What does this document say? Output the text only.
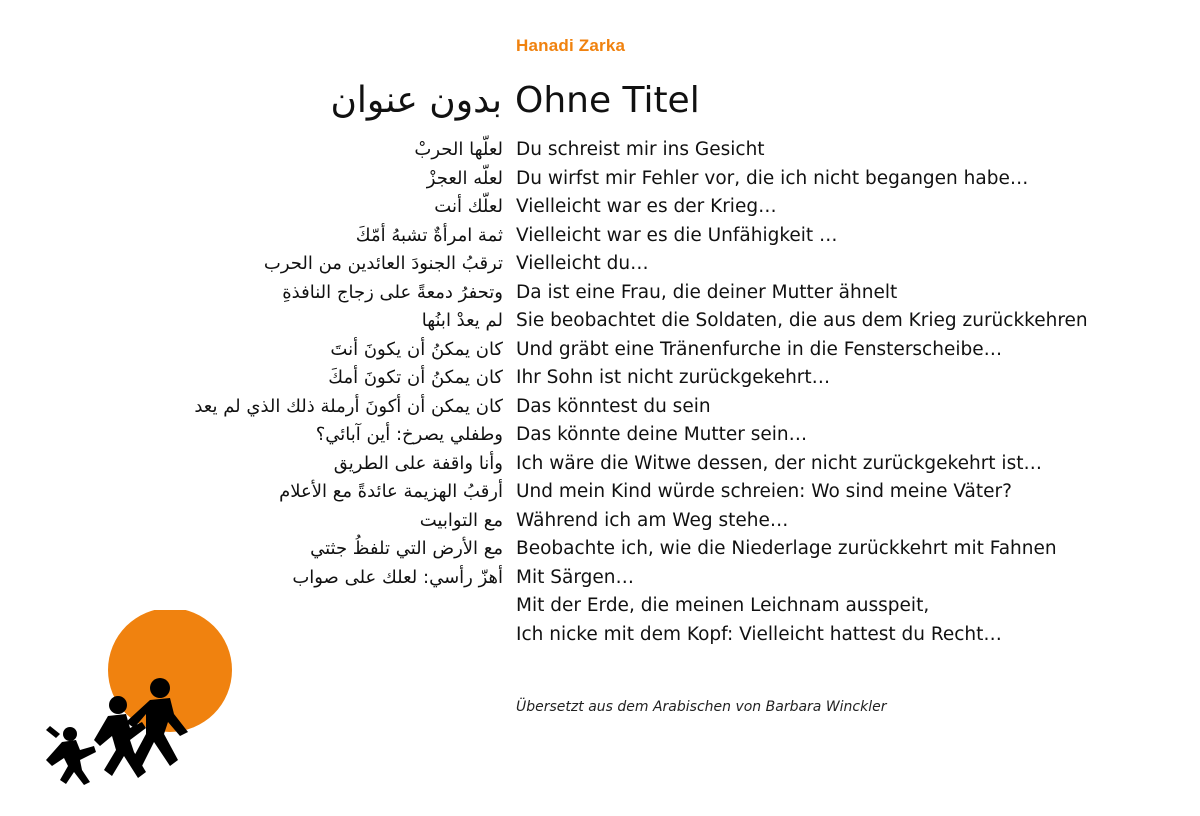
Hanadi Zarka
بدون عنوان Ohne Titel
لعلّها الحربْ
لعلّه العجزْ
لعلّك أنت
ثمة امرأةٌ تشبهُ أمّكَ
ترقبُ الجنودَ العائدين من الحرب
وتحفرُ دمعةً على زجاج النافذةِ
لم يعدْ ابنُها
كان يمكنُ أن يكونَ أنتَ
كان يمكنُ أن تكونَ أمكَ
كان يمكن أن أكونَ أرملة ذلك الذي لم يعد
وطفلي يصرخ: أين آبائي؟
وأنا واقفة على الطريق
أرقبُ الهزيمة عائدةً مع الأعلام
مع التوابيت
مع الأرض التي تلفظُ جثتي
أهزّ رأسي: لعلك على صواب
Du schreist mir ins Gesicht
Du wirfst mir Fehler vor, die ich nicht begangen habe…
Vielleicht war es der Krieg…
Vielleicht war es die Unfähigkeit …
Vielleicht du…
Da ist eine Frau, die deiner Mutter ähnelt
Sie beobachtet die Soldaten, die aus dem Krieg zurückkehren
Und gräbt eine Tränenfurche in die Fensterscheibe…
Ihr Sohn ist nicht zurückgekehrt…
Das könntest du sein
Das könnte deine Mutter sein…
Ich wäre die Witwe dessen, der nicht zurückgekehrt ist…
Und mein Kind würde schreien: Wo sind meine Väter?
Während ich am Weg stehe…
Beobachte ich, wie die Niederlage zurückkehrt mit Fahnen
Mit Särgen…
Mit der Erde, die meinen Leichnam ausspeit,
Ich nicke mit dem Kopf: Vielleicht hattest du Recht…
Übersetzt aus dem Arabischen von Barbara Winckler
